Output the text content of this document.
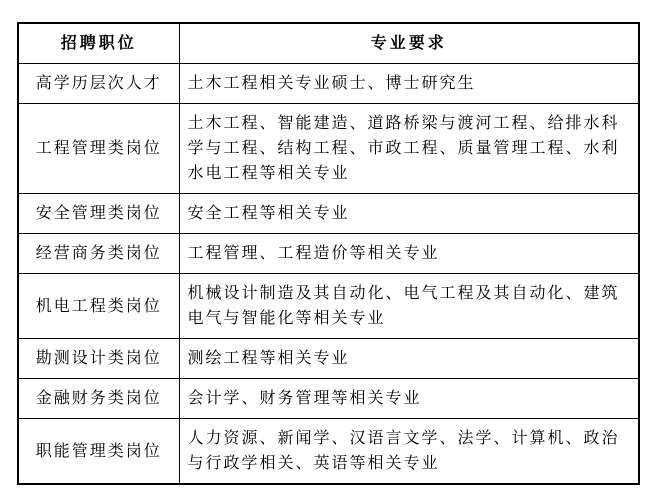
招聘职位	专业要求
高学历层次人才	土木工程相关专业硕士、博士研究生
工程管理类岗位	土木工程、智能建造、道路桥梁与渡河工程、给排水科学与工程、结构工程、市政工程、质量管理工程、水利水电工程等相关专业
安全管理类岗位	安全工程等相关专业
经营商务类岗位	工程管理、工程造价等相关专业
机电工程类岗位	机械设计制造及其自动化、电气工程及其自动化、建筑电气与智能化等相关专业
勘测设计类岗位	测绘工程等相关专业
金融财务类岗位	会计学、财务管理等相关专业
职能管理类岗位	人力资源、新闻学、汉语言文学、法学、计算机、政治与行政学相关、英语等相关专业
